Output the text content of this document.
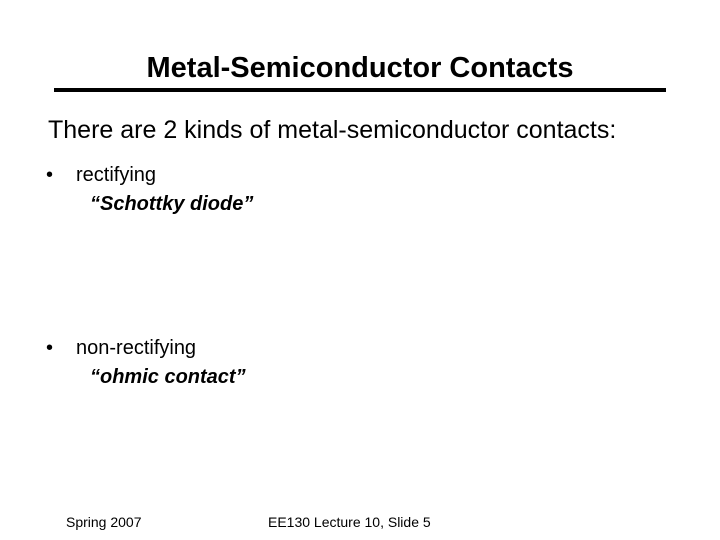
Metal-Semiconductor Contacts
There are 2 kinds of metal-semiconductor contacts:
• rectifying
“Schottky diode”
• non-rectifying
“ohmic contact”
Spring 2007	EE130 Lecture 10, Slide 5
